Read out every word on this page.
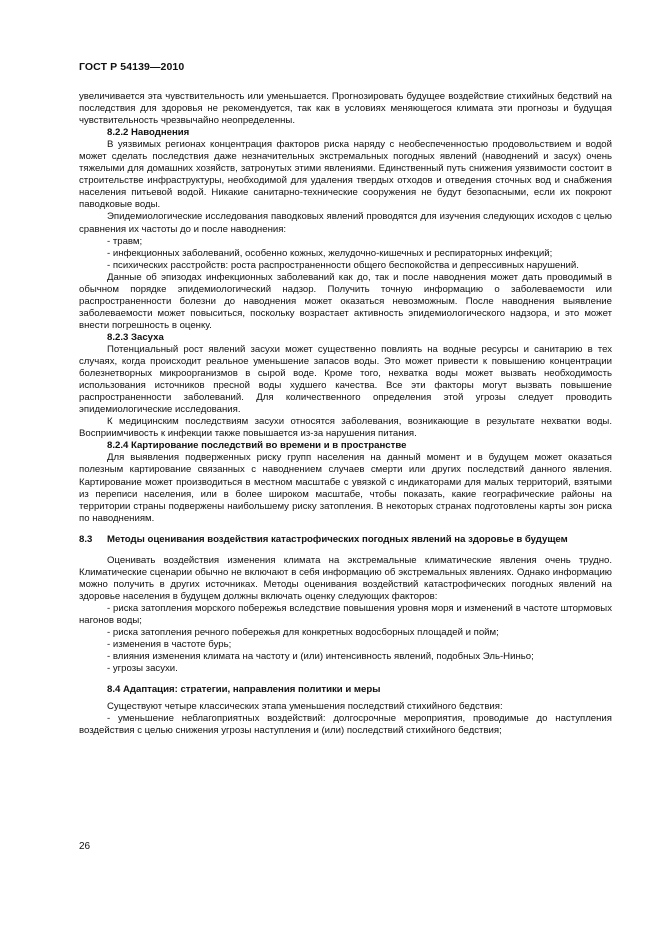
ГОСТ Р 54139—2010

увеличивается эта чувствительность или уменьшается. Прогнозировать будущее воздействие стихийных бедствий на последствия для здоровья не рекомендуется, так как в условиях меняющегося климата эти прогнозы и будущая чувствительность чрезвычайно неопределенны.

8.2.2 Наводнения

В уязвимых регионах концентрация факторов риска наряду с необеспеченностью продовольствием и водой может сделать последствия даже незначительных экстремальных погодных явлений (наводнений и засух) очень тяжелыми для домашних хозяйств, затронутых этими явлениями. Единственный путь снижения уязвимости состоит в строительстве инфраструктуры, необходимой для удаления твердых отходов и отведения сточных вод и снабжения населения питьевой водой. Никакие санитарно-технические сооружения не будут безопасными, если их покроют паводковые воды.

Эпидемиологические исследования паводковых явлений проводятся для изучения следующих исходов с целью сравнения их частоты до и после наводнения:

- травм;

- инфекционных заболеваний, особенно кожных, желудочно-кишечных и респираторных инфекций;

- психических расстройств: роста распространенности общего беспокойства и депрессивных нарушений.

Данные об эпизодах инфекционных заболеваний как до, так и после наводнения может дать проводимый в обычном порядке эпидемиологический надзор. Получить точную информацию о заболеваемости или распространенности болезни до наводнения может оказаться невозможным. После наводнения выявление заболеваемости может повыситься, поскольку возрастает активность эпидемиологического надзора, и это может внести погрешность в оценку.

8.2.3 Засуха

Потенциальный рост явлений засухи может существенно повлиять на водные ресурсы и санитарию в тех случаях, когда происходит реальное уменьшение запасов воды. Это может привести к повышению концентрации болезнетворных микроорганизмов в сырой воде. Кроме того, нехватка воды может вызвать необходимость использования источников пресной воды худшего качества. Все эти факторы могут вызвать повышение распространенности заболеваний. Для количественного определения этой угрозы следует проводить эпидемиологические исследования.

К медицинским последствиям засухи относятся заболевания, возникающие в результате нехватки воды. Восприимчивость к инфекции также повышается из-за нарушения питания.

8.2.4 Картирование последствий во времени и в пространстве

Для выявления подверженных риску групп населения на данный момент и в будущем может оказаться полезным картирование связанных с наводнением случаев смерти или других последствий данного явления. Картирование может производиться в местном масштабе с увязкой с индикаторами для малых территорий, взятыми из переписи населения, или в более широком масштабе, чтобы показать, какие географические районы на территории страны подвержены наибольшему риску затопления. В некоторых странах подготовлены карты зон риска по наводнениям.

8.3 Методы оценивания воздействия катастрофических погодных явлений на здоровье в будущем

Оценивать воздействия изменения климата на экстремальные климатические явления очень трудно. Климатические сценарии обычно не включают в себя информацию об экстремальных явлениях. Однако информацию можно получить в других источниках. Методы оценивания воздействий катастрофических погодных явлений на здоровье населения в будущем должны включать оценку следующих факторов:

- риска затопления морского побережья вследствие повышения уровня моря и изменений в частоте штормовых нагонов воды;

- риска затопления речного побережья для конкретных водосборных площадей и пойм;

- изменения в частоте бурь;

- влияния изменения климата на частоту и (или) интенсивность явлений, подобных Эль-Ниньо;

- угрозы засухи.

8.4 Адаптация: стратегии, направления политики и меры

Существуют четыре классических этапа уменьшения последствий стихийного бедствия:

- уменьшение неблагоприятных воздействий: долгосрочные мероприятия, проводимые до наступления воздействия с целью снижения угрозы наступления и (или) последствий стихийного бедствия;

26
